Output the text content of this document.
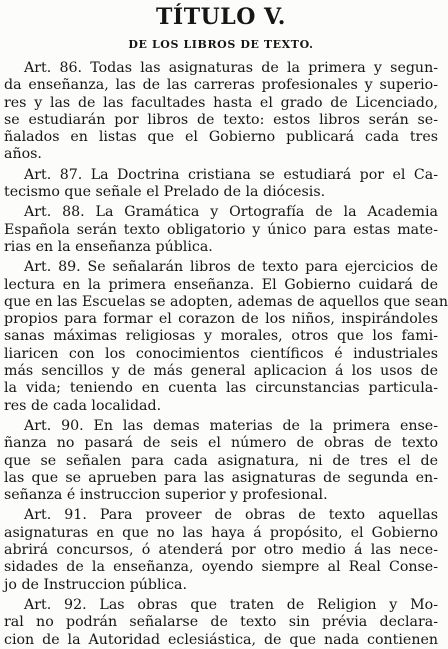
TÍTULO V.
DE LOS LIBROS DE TEXTO.
Art. 86. Todas las asignaturas de la primera y segun-
da enseñanza, las de las carreras profesionales y superio-
res y las de las facultades hasta el grado de Licenciado,
se estudiarán por libros de texto: estos libros serán se-
ñalados en listas que el Gobierno publicará cada tres
años.
Art. 87. La Doctrina cristiana se estudiará por el Ca-
tecismo que señale el Prelado de la diócesis.
Art. 88. La Gramática y Ortografía de la Academia
Española serán texto obligatorio y único para estas mate-
rias en la enseñanza pública.
Art. 89. Se señalarán libros de texto para ejercicios de
lectura en la primera enseñanza. El Gobierno cuidará de
que en las Escuelas se adopten, ademas de aquellos que sean
propios para formar el corazon de los niños, inspirándoles
sanas máximas religiosas y morales, otros que los fami-
liaricen con los conocimientos científicos é industriales
más sencillos y de más general aplicacion á los usos de
la vida; teniendo en cuenta las circunstancias particula-
res de cada localidad.
Art. 90. En las demas materias de la primera ense-
ñanza no pasará de seis el número de obras de texto
que se señalen para cada asignatura, ni de tres el de
las que se aprueben para las asignaturas de segunda en-
señanza é instruccion superior y profesional.
Art. 91. Para proveer de obras de texto aquellas
asignaturas en que no las haya á propósito, el Gobierno
abrirá concursos, ó atenderá por otro medio á las nece-
sidades de la enseñanza, oyendo siempre al Real Conse-
jo de Instruccion pública.
Art. 92. Las obras que traten de Religion y Mo-
ral no podrán señalarse de texto sin prévia declara-
cion de la Autoridad eclesiástica, de que nada contienen
